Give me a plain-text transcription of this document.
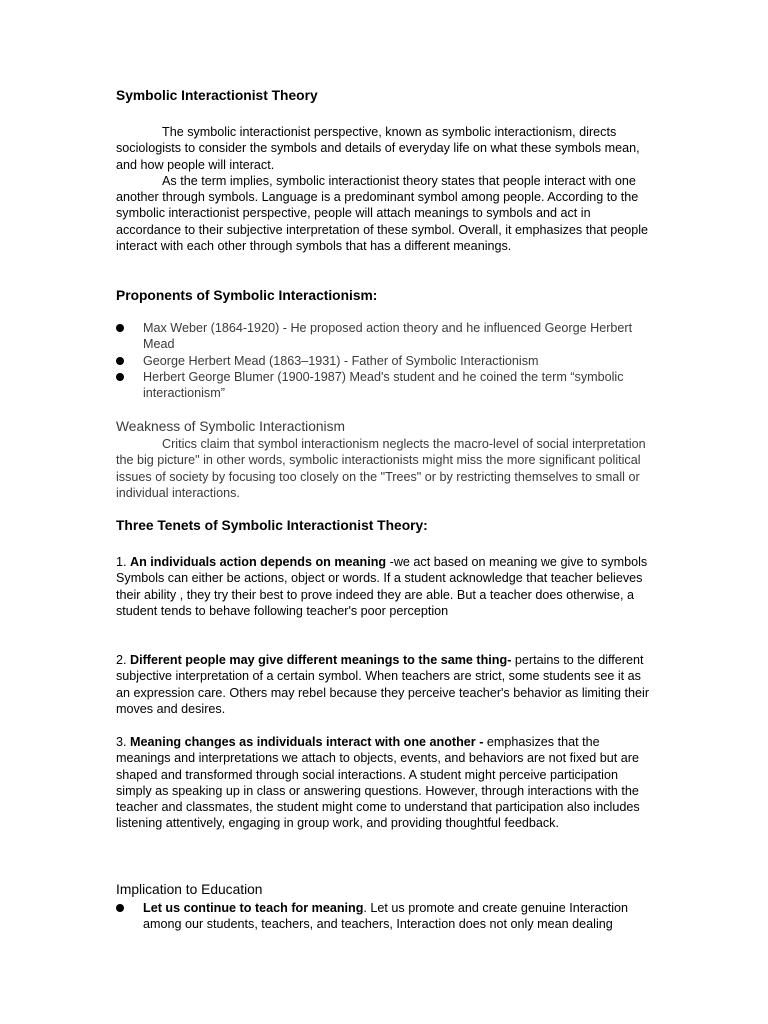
Symbolic Interactionist Theory

The symbolic interactionist perspective, known as symbolic interactionism, directs sociologists to consider the symbols and details of everyday life on what these symbols mean, and how people will interact.

As the term implies, symbolic interactionist theory states that people interact with one another through symbols. Language is a predominant symbol among people. According to the symbolic interactionist perspective, people will attach meanings to symbols and act in accordance to their subjective interpretation of these symbol. Overall, it emphasizes that people interact with each other through symbols that has a different meanings.

Proponents of Symbolic Interactionism:
Max Weber (1864-1920) - He proposed action theory and he influenced George Herbert Mead
George Herbert Mead (1863–1931) - Father of Symbolic Interactionism
Herbert George Blumer (1900-1987) Mead's student and he coined the term “symbolic interactionism”
Weakness of Symbolic Interactionism

Critics claim that symbol interactionism neglects the macro-level of social interpretation the big picture" in other words, symbolic interactionists might miss the more significant political issues of society by focusing too closely on the "Trees" or by restricting themselves to small or individual interactions.

Three Tenets of Symbolic Interactionist Theory:

1. An individuals action depends on meaning -we act based on meaning we give to symbols Symbols can either be actions, object or words. If a student acknowledge that teacher believes their ability , they try their best to prove indeed they are able. But a teacher does otherwise, a student tends to behave following teacher's poor perception

2. Different people may give different meanings to the same thing- pertains to the different subjective interpretation of a certain symbol. When teachers are strict, some students see it as an expression care. Others may rebel because they perceive teacher's behavior as limiting their moves and desires.

3. Meaning changes as individuals interact with one another - emphasizes that the meanings and interpretations we attach to objects, events, and behaviors are not fixed but are shaped and transformed through social interactions. A student might perceive participation simply as speaking up in class or answering questions. However, through interactions with the teacher and classmates, the student might come to understand that participation also includes listening attentively, engaging in group work, and providing thoughtful feedback.

Implication to Education
Let us continue to teach for meaning. Let us promote and create genuine Interaction among our students, teachers, and teachers, Interaction does not only mean dealing
